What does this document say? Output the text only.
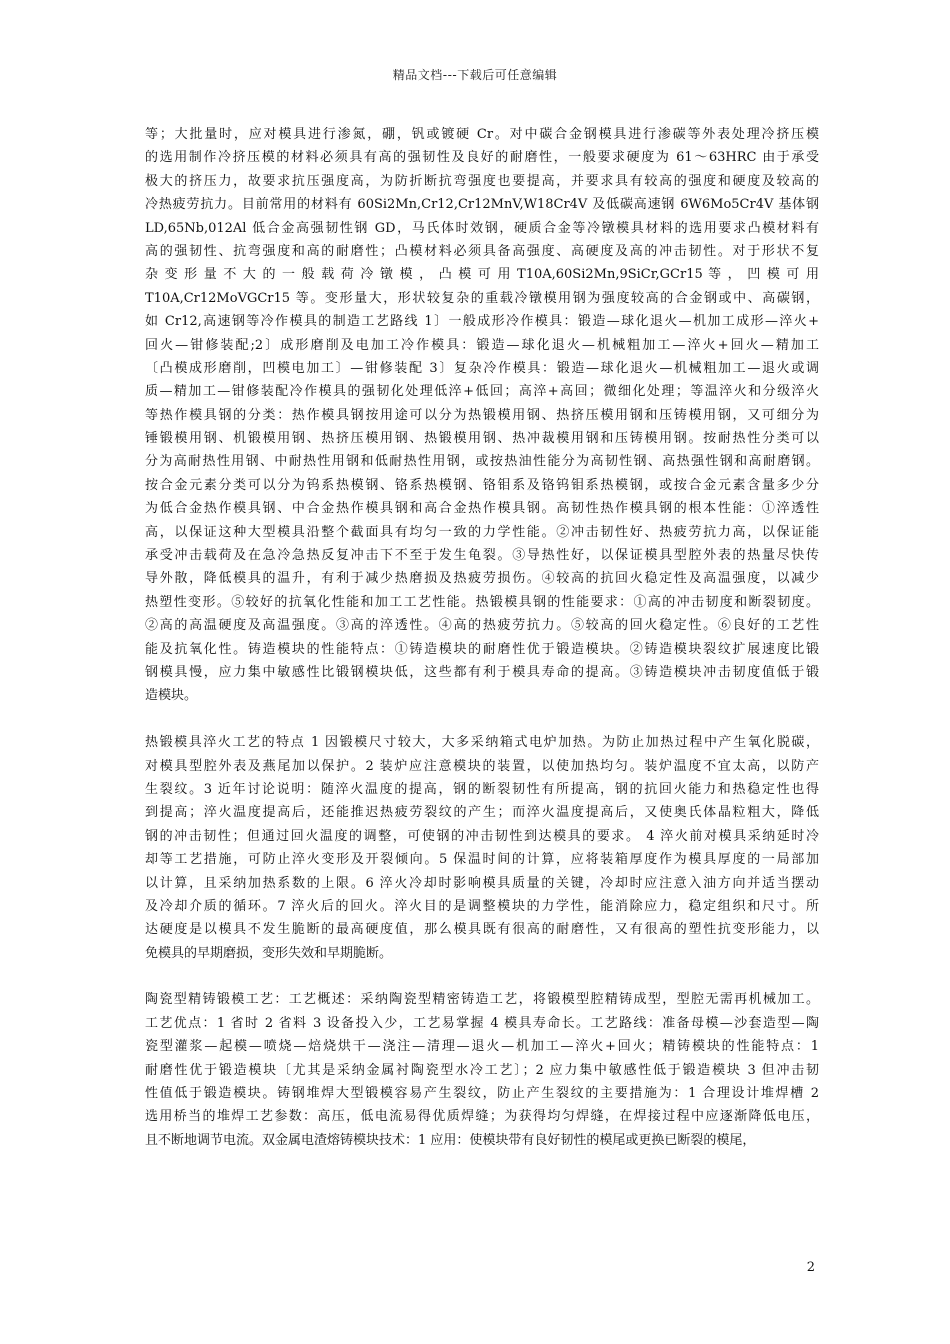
精品文档---下载后可任意编辑
等；大批量时，应对模具进行渗氮，硼，钒或镀硬 Cr。对中碳合金钢模具进行渗碳等外表处理冷挤压模
的选用制作冷挤压模的材料必须具有高的强韧性及良好的耐磨性，一般要求硬度为 61～63HRC 由于承受
极大的挤压力，故要求抗压强度高，为防折断抗弯强度也要提高，并要求具有较高的强度和硬度及较高的
冷热疲劳抗力。目前常用的材料有 60Si2Mn,Cr12,Cr12MnV,W18Cr4V 及低碳高速钢 6W6Mo5Cr4V 基体钢
LD,65Nb,012Al 低合金高强韧性钢 GD，马氏体时效钢，硬质合金等冷镦模具材料的选用要求凸模材料有
高的强韧性、抗弯强度和高的耐磨性；凸模材料必须具备高强度、高硬度及高的冲击韧性。对于形状不复
杂 变 形 量 不 大 的 一 般 载 荷 冷 镦 模 ， 凸 模 可 用 T10A,60Si2Mn,9SiCr,GCr15 等 ， 凹 模 可 用
T10A,Cr12MoVGCr15 等。变形量大，形状较复杂的重载冷镦模用钢为强度较高的合金钢或中、高碳钢，
如 Cr12,高速钢等冷作模具的制造工艺路线 1〕一般成形冷作模具：锻造—球化退火—机加工成形—淬火+
回火—钳修装配;2〕成形磨削及电加工冷作模具：锻造—球化退火—机械粗加工—淬火+回火—精加工
〔凸模成形磨削，凹模电加工〕—钳修装配 3〕复杂冷作模具：锻造—球化退火—机械粗加工—退火或调
质—精加工—钳修装配冷作模具的强韧化处理低淬+低回；高淬+高回；微细化处理；等温淬火和分级淬火
等热作模具钢的分类：热作模具钢按用途可以分为热锻模用钢、热挤压模用钢和压铸模用钢，又可细分为
锤锻模用钢、机锻模用钢、热挤压模用钢、热锻模用钢、热冲裁模用钢和压铸模用钢。按耐热性分类可以
分为高耐热性用钢、中耐热性用钢和低耐热性用钢，或按热油性能分为高韧性钢、高热强性钢和高耐磨钢。
按合金元素分类可以分为钨系热模钢、铬系热模钢、铬钼系及铬钨钼系热模钢，或按合金元素含量多少分
为低合金热作模具钢、中合金热作模具钢和高合金热作模具钢。高韧性热作模具钢的根本性能：①淬透性
高，以保证这种大型模具沿整个截面具有均匀一致的力学性能。②冲击韧性好、热疲劳抗力高，以保证能
承受冲击载荷及在急冷急热反复冲击下不至于发生龟裂。③导热性好，以保证模具型腔外表的热量尽快传
导外散，降低模具的温升，有利于减少热磨损及热疲劳损伤。④较高的抗回火稳定性及高温强度，以减少
热塑性变形。⑤较好的抗氧化性能和加工工艺性能。热锻模具钢的性能要求：①高的冲击韧度和断裂韧度。
②高的高温硬度及高温强度。③高的淬透性。④高的热疲劳抗力。⑤较高的回火稳定性。⑥良好的工艺性
能及抗氧化性。铸造模块的性能特点：①铸造模块的耐磨性优于锻造模块。②铸造模块裂纹扩展速度比锻
钢模具慢，应力集中敏感性比锻钢模块低，这些都有利于模具寿命的提高。③铸造模块冲击韧度值低于锻
造模块。
热锻模具淬火工艺的特点 1 因锻模尺寸较大，大多采纳箱式电炉加热。为防止加热过程中产生氧化脱碳，
对模具型腔外表及燕尾加以保护。2 装炉应注意模块的装置，以使加热均匀。装炉温度不宜太高，以防产
生裂纹。3 近年讨论说明：随淬火温度的提高，钢的断裂韧性有所提高，钢的抗回火能力和热稳定性也得
到提高；淬火温度提高后，还能推迟热疲劳裂纹的产生；而淬火温度提高后，又使奥氏体晶粒粗大，降低
钢的冲击韧性；但通过回火温度的调整，可使钢的冲击韧性到达模具的要求。 4 淬火前对模具采纳延时冷
却等工艺措施，可防止淬火变形及开裂倾向。5 保温时间的计算，应将装箱厚度作为模具厚度的一局部加
以计算，且采纳加热系数的上限。6 淬火冷却时影响模具质量的关键，冷却时应注意入油方向并适当摆动
及冷却介质的循环。7 淬火后的回火。淬火目的是调整模块的力学性，能消除应力，稳定组织和尺寸。所
达硬度是以模具不发生脆断的最高硬度值，那么模具既有很高的耐磨性，又有很高的塑性抗变形能力，以
免模具的早期磨损，变形失效和早期脆断。
陶瓷型精铸锻模工艺：工艺概述：采纳陶瓷型精密铸造工艺，将锻模型腔精铸成型，型腔无需再机械加工。
工艺优点：1 省时 2 省料 3 设备投入少，工艺易掌握 4 模具寿命长。工艺路线：准备母模—沙套造型—陶
瓷型灌浆—起模—喷烧—焙烧烘干—浇注—清理—退火—机加工—淬火+回火；精铸模块的性能特点：1
耐磨性优于锻造模块〔尤其是采纳金属衬陶瓷型水冷工艺〕；2 应力集中敏感性低于锻造模块 3 但冲击韧
性值低于锻造模块。铸钢堆焊大型锻模容易产生裂纹，防止产生裂纹的主要措施为：1 合理设计堆焊槽 2
选用桥当的堆焊工艺参数：高压，低电流易得优质焊缝；为获得均匀焊缝，在焊接过程中应逐渐降低电压，
且不断地调节电流。双金属电渣熔铸模块技术：1 应用：使模块带有良好韧性的模尾或更换已断裂的模尾，
2
